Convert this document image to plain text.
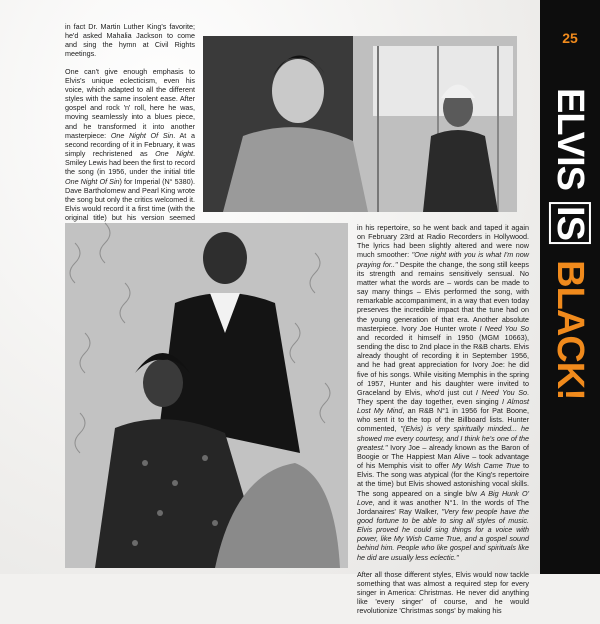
in fact Dr. Martin Luther King's favorite; he'd asked Mahalia Jackson to come and sing the hymn at Civil Rights meetings.

One can't give enough emphasis to Elvis's unique eclecticism, even his voice, which adapted to all the different styles with the same insolent ease. After gospel and rock 'n' roll, here he was, moving seamlessly into a blues piece, and he transformed it into another masterpiece: One Night Of Sin. At a second recording of it in February, it was simply rechristened as One Night. Smiley Lewis had been the first to record the song (in 1956, under the initial title One Night Of Sin) for Imperial (N° 5380). Dave Bartholomew and Pearl King wrote the song but only the critics welcomed it. Elvis would record it a first time (with the original title) but his version seemed

in his repertoire, so he went back and taped it again on February 23rd at Radio Recorders in Hollywood. The lyrics had been slightly altered and were now much smoother: "One night with you is what I'm now praying for.." Despite the change, the song still keeps its strength and remains sensitively sensual. No matter what the words are – words can be made to say many things – Elvis performed the song, with remarkable accompaniment, in a way that even today preserves the incredible impact that the tune had on the young generation of that era. Another absolute masterpiece. Ivory Joe Hunter wrote I Need You So and recorded it himself in 1950 (MGM 10663), sending the disc to 2nd place in the R&B charts. Elvis already thought of recording it in September 1956, and he had great appreciation for Ivory Joe: he did five of his songs. While visiting Memphis in the spring of 1957, Hunter and his daughter were invited to Graceland by Elvis, who'd just cut I Need You So. They spent the day together, even singing I Almost Lost My Mind, an R&B N°1 in 1956 for Pat Boone, who sent it to the top of the Billboard lists. Hunter commented, "(Elvis) is very spiritually minded... he showed me every courtesy, and I think he's one of the greatest." Ivory Joe – already known as the Baron of Boogie or The Happiest Man Alive – took advantage of his Memphis visit to offer My Wish Came True to Elvis. The song was atypical (for the King's repertoire at the time) but Elvis showed astonishing vocal skills. The song appeared on a single b/w A Big Hunk O' Love, and it was another N°1. In the words of The Jordanaires' Ray Walker, "Very few people have the good fortune to be able to sing all styles of music. Elvis proved he could sing things for a voice with power, like My Wish Came True, and a gospel sound behind him. People who like gospel and spirituals like he did are usually less eclectic."

After all those different styles, Elvis would now tackle something that was almost a required step for every singer in America: Christmas. He never did anything like 'every singer' of course, and he would revolutionize 'Christmas songs' by making his

25
ELVIS
IS
BLACK!
